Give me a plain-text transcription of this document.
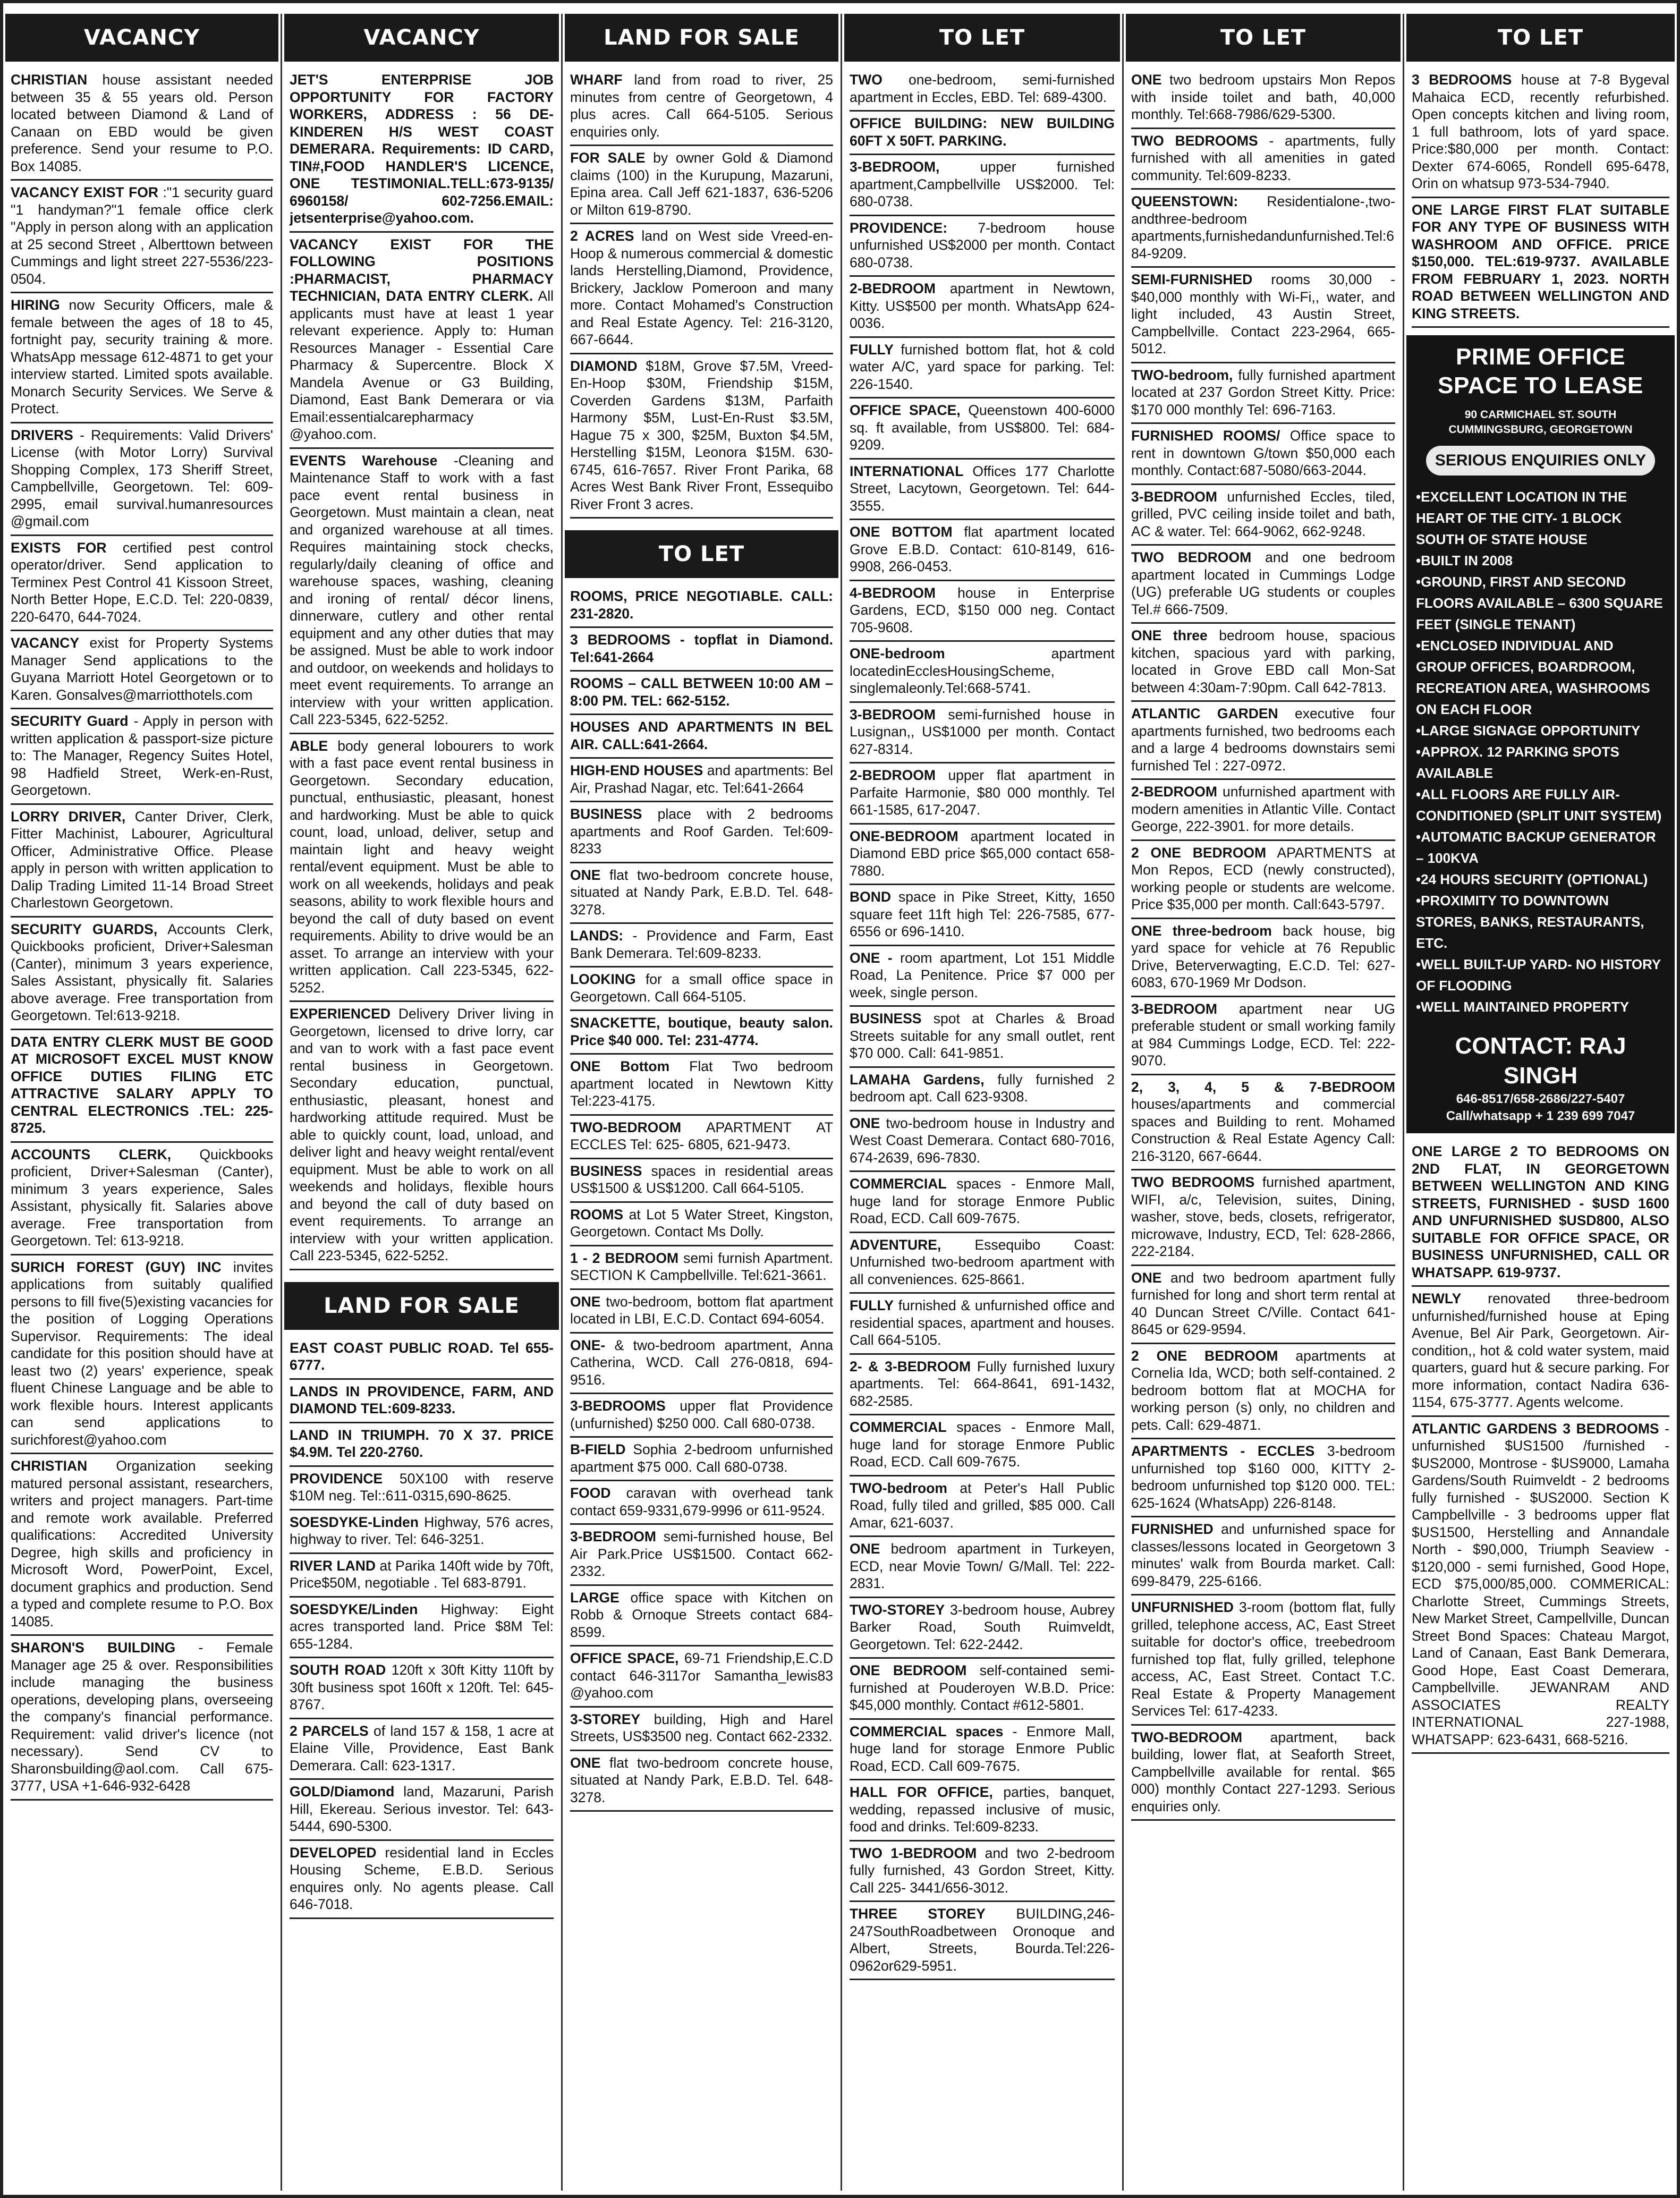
VACANCY
CHRISTIAN house assistant needed between 35 & 55 years old. Person located between Diamond & Land of Canaan on EBD would be given preference. Send your resume to P.O. Box 14085.
VACANCY EXIST FOR :"1 security guard "1 handyman?"1 female office clerk "Apply in person along with an application at 25 second Street , Alberttown between Cummings and light street 227-5536/223-0504.
HIRING now Security Officers, male & female between the ages of 18 to 45, fortnight pay, security training & more. WhatsApp message 612-4871 to get your interview started. Limited spots available. Monarch Security Services. We Serve & Protect.
DRIVERS - Requirements: Valid Drivers' License (with Motor Lorry) Survival Shopping Complex, 173 Sheriff Street, Campbellville, Georgetown. Tel: 609-2995, email survival.humanresources @gmail.com
EXISTS FOR certified pest control operator/driver. Send application to Terminex Pest Control 41 Kissoon Street, North Better Hope, E.C.D. Tel: 220-0839, 220-6470, 644-7024.
VACANCY exist for Property Systems Manager Send applications to the Guyana Marriott Hotel Georgetown or to Karen. Gonsalves@marriotthotels.com
SECURITY Guard - Apply in person with written application & passport-size picture to: The Manager, Regency Suites Hotel, 98 Hadfield Street, Werk-en-Rust, Georgetown.
LORRY DRIVER, Canter Driver, Clerk, Fitter Machinist, Labourer, Agricultural Officer, Administrative Office. Please apply in person with written application to Dalip Trading Limited 11-14 Broad Street Charlestown Georgetown.
SECURITY GUARDS, Accounts Clerk, Quickbooks proficient, Driver+Salesman (Canter), minimum 3 years experience, Sales Assistant, physically fit. Salaries above average. Free transportation from Georgetown. Tel:613-9218.
DATA ENTRY CLERK MUST BE GOOD AT MICROSOFT EXCEL MUST KNOW OFFICE DUTIES FILING ETC ATTRACTIVE SALARY APPLY TO CENTRAL ELECTRONICS .TEL: 225-8725.
ACCOUNTS CLERK, Quickbooks proficient, Driver+Salesman (Canter), minimum 3 years experience, Sales Assistant, physically fit. Salaries above average. Free transportation from Georgetown. Tel: 613-9218.
SURICH FOREST (GUY) INC invites applications from suitably qualified persons to fill five(5)existing vacancies for the position of Logging Operations Supervisor. Requirements: The ideal candidate for this position should have at least two (2) years' experience, speak fluent Chinese Language and be able to work flexible hours. Interest applicants can send applications to surichforest@yahoo.com
CHRISTIAN Organization seeking matured personal assistant, researchers, writers and project managers. Part-time and remote work available. Preferred qualifications: Accredited University Degree, high skills and proficiency in Microsoft Word, PowerPoint, Excel, document graphics and production. Send a typed and complete resume to P.O. Box 14085.
SHARON'S BUILDING - Female Manager age 25 & over. Responsibilities include managing the business operations, developing plans, overseeing the company's financial performance. Requirement: valid driver's licence (not necessary). Send CV to Sharonsbuilding@aol.com. Call 675-3777, USA +1-646-932-6428
VACANCY
JET'S ENTERPRISE JOB OPPORTUNITY FOR FACTORY WORKERS, ADDRESS : 56 DE-KINDEREN H/S WEST COAST DEMERARA. Requirements: ID CARD, TIN#,FOOD HANDLER'S LICENCE, ONE TESTIMONIAL.TELL:673-9135/ 6960158/ 602-7256.EMAIL: jetsenterprise@yahoo.com.
VACANCY EXIST FOR THE FOLLOWING POSITIONS :PHARMACIST, PHARMACY TECHNICIAN, DATA ENTRY CLERK. All applicants must have at least 1 year relevant experience. Apply to: Human Resources Manager - Essential Care Pharmacy & Supercentre. Block X Mandela Avenue or G3 Building, Diamond, East Bank Demerara or via Email:essentialcarepharmacy @yahoo.com.
EVENTS Warehouse -Cleaning and Maintenance Staff to work with a fast pace event rental business in Georgetown. Must maintain a clean, neat and organized warehouse at all times. Requires maintaining stock checks, regularly/daily cleaning of office and warehouse spaces, washing, cleaning and ironing of rental/ décor linens, dinnerware, cutlery and other rental equipment and any other duties that may be assigned. Must be able to work indoor and outdoor, on weekends and holidays to meet event requirements. To arrange an interview with your written application. Call 223-5345, 622-5252.
ABLE body general lobourers to work with a fast pace event rental business in Georgetown. Secondary education, punctual, enthusiastic, pleasant, honest and hardworking. Must be able to quick count, load, unload, deliver, setup and maintain light and heavy weight rental/event equipment. Must be able to work on all weekends, holidays and peak seasons, ability to work flexible hours and beyond the call of duty based on event requirements. Ability to drive would be an asset. To arrange an interview with your written application. Call 223-5345, 622-5252.
EXPERIENCED Delivery Driver living in Georgetown, licensed to drive lorry, car and van to work with a fast pace event rental business in Georgetown. Secondary education, punctual, enthusiastic, pleasant, honest and hardworking attitude required. Must be able to quickly count, load, unload, and deliver light and heavy weight rental/event equipment. Must be able to work on all weekends and holidays, flexible hours and beyond the call of duty based on event requirements. To arrange an interview with your written application. Call 223-5345, 622-5252.
LAND FOR SALE
EAST COAST PUBLIC ROAD. Tel 655-6777.
LANDS IN PROVIDENCE, FARM, AND DIAMOND TEL:609-8233.
LAND IN TRIUMPH. 70 X 37. PRICE $4.9M. Tel 220-2760.
PROVIDENCE 50X100 with reserve $10M neg. Tel::611-0315,690-8625.
SOESDYKE-Linden Highway, 576 acres, highway to river. Tel: 646-3251.
RIVER LAND at Parika 140ft wide by 70ft, Price$50M, negotiable . Tel 683-8791.
SOESDYKE/Linden Highway: Eight acres transported land. Price $8M Tel: 655-1284.
SOUTH ROAD 120ft x 30ft Kitty 110ft by 30ft business spot 160ft x 120ft. Tel: 645-8767.
2 PARCELS of land 157 & 158, 1 acre at Elaine Ville, Providence, East Bank Demerara. Call: 623-1317.
GOLD/Diamond land, Mazaruni, Parish Hill, Ekereau. Serious investor. Tel: 643-5444, 690-5300.
DEVELOPED residential land in Eccles Housing Scheme, E.B.D. Serious enquires only. No agents please. Call 646-7018.
LAND FOR SALE
WHARF land from road to river, 25 minutes from centre of Georgetown, 4 plus acres. Call 664-5105. Serious enquiries only.
FOR SALE by owner Gold & Diamond claims (100) in the Kurupung, Mazaruni, Epina area. Call Jeff 621-1837, 636-5206 or Milton 619-8790.
2 ACRES land on West side Vreed-en-Hoop & numerous commercial & domestic lands Herstelling,Diamond, Providence, Brickery, Jacklow Pomeroon and many more. Contact Mohamed's Construction and Real Estate Agency. Tel: 216-3120, 667-6644.
DIAMOND $18M, Grove $7.5M, Vreed-En-Hoop $30M, Friendship $15M, Coverden Gardens $13M, Parfaith Harmony $5M, Lust-En-Rust $3.5M, Hague 75 x 300, $25M, Buxton $4.5M, Herstelling $15M, Leonora $15M. 630-6745, 616-7657. River Front Parika, 68 Acres West Bank River Front, Essequibo River Front 3 acres.
TO LET
ROOMS, PRICE NEGOTIABLE. CALL: 231-2820.
3 BEDROOMS - topflat in Diamond. Tel:641-2664
ROOMS – CALL BETWEEN 10:00 AM – 8:00 PM. TEL: 662-5152.
HOUSES AND APARTMENTS IN BEL AIR. CALL:641-2664.
HIGH-END HOUSES and apartments: Bel Air, Prashad Nagar, etc. Tel:641-2664
BUSINESS place with 2 bedrooms apartments and Roof Garden. Tel:609-8233
ONE flat two-bedroom concrete house, situated at Nandy Park, E.B.D. Tel. 648-3278.
LANDS: - Providence and Farm, East Bank Demerara. Tel:609-8233.
LOOKING for a small office space in Georgetown. Call 664-5105.
SNACKETTE, boutique, beauty salon. Price $40 000. Tel: 231-4774.
ONE Bottom Flat Two bedroom apartment located in Newtown Kitty Tel:223-4175.
TWO-BEDROOM APARTMENT AT ECCLES Tel: 625- 6805, 621-9473.
BUSINESS spaces in residential areas US$1500 & US$1200. Call 664-5105.
ROOMS at Lot 5 Water Street, Kingston, Georgetown. Contact Ms Dolly.
1 - 2 BEDROOM semi furnish Apartment. SECTION K Campbellville. Tel:621-3661.
ONE two-bedroom, bottom flat apartment located in LBI, E.C.D. Contact 694-6054.
ONE- & two-bedroom apartment, Anna Catherina, WCD. Call 276-0818, 694-9516.
3-BEDROOMS upper flat Providence (unfurnished) $250 000. Call 680-0738.
B-FIELD Sophia 2-bedroom unfurnished apartment $75 000. Call 680-0738.
FOOD caravan with overhead tank contact 659-9331,679-9996 or 611-9524.
3-BEDROOM semi-furnished house, Bel Air Park.Price US$1500. Contact 662-2332.
LARGE office space with Kitchen on Robb & Ornoque Streets contact 684-8599.
OFFICE SPACE, 69-71 Friendship,E.C.D contact 646-3117or Samantha_lewis83 @yahoo.com
3-STOREY building, High and Harel Streets, US$3500 neg. Contact 662-2332.
ONE flat two-bedroom concrete house, situated at Nandy Park, E.B.D. Tel. 648-3278.
TO LET
TWO one-bedroom, semi-furnished apartment in Eccles, EBD. Tel: 689-4300.
OFFICE BUILDING: NEW BUILDING 60FT X 50FT. PARKING.
3-BEDROOM, upper furnished apartment,Campbellville US$2000. Tel: 680-0738.
PROVIDENCE: 7-bedroom house unfurnished US$2000 per month. Contact 680-0738.
2-BEDROOM apartment in Newtown, Kitty. US$500 per month. WhatsApp 624-0036.
FULLY furnished bottom flat, hot & cold water A/C, yard space for parking. Tel: 226-1540.
OFFICE SPACE, Queenstown 400-6000 sq. ft available, from US$800. Tel: 684-9209.
INTERNATIONAL Offices 177 Charlotte Street, Lacytown, Georgetown. Tel: 644-3555.
ONE BOTTOM flat apartment located Grove E.B.D. Contact: 610-8149, 616-9908, 266-0453.
4-BEDROOM house in Enterprise Gardens, ECD, $150 000 neg. Contact 705-9608.
ONE-bedroom apartment locatedinEcclesHousingScheme, singlemaleonly.Tel:668-5741.
3-BEDROOM semi-furnished house in Lusignan,, US$1000 per month. Contact 627-8314.
2-BEDROOM upper flat apartment in Parfaite Harmonie, $80 000 monthly. Tel 661-1585, 617-2047.
ONE-BEDROOM apartment located in Diamond EBD price $65,000 contact 658-7880.
BOND space in Pike Street, Kitty, 1650 square feet 11ft high Tel: 226-7585, 677-6556 or 696-1410.
ONE - room apartment, Lot 151 Middle Road, La Penitence. Price $7 000 per week, single person.
BUSINESS spot at Charles & Broad Streets suitable for any small outlet, rent $70 000. Call: 641-9851.
LAMAHA Gardens, fully furnished 2 bedroom apt. Call 623-9308.
ONE two-bedroom house in Industry and West Coast Demerara. Contact 680-7016, 674-2639, 696-7830.
COMMERCIAL spaces - Enmore Mall, huge land for storage Enmore Public Road, ECD. Call 609-7675.
ADVENTURE, Essequibo Coast: Unfurnished two-bedroom apartment with all conveniences. 625-8661.
FULLY furnished & unfurnished office and residential spaces, apartment and houses. Call 664-5105.
2- & 3-BEDROOM Fully furnished luxury apartments. Tel: 664-8641, 691-1432, 682-2585.
COMMERCIAL spaces - Enmore Mall, huge land for storage Enmore Public Road, ECD. Call 609-7675.
TWO-bedroom at Peter's Hall Public Road, fully tiled and grilled, $85 000. Call Amar, 621-6037.
ONE bedroom apartment in Turkeyen, ECD, near Movie Town/ G/Mall. Tel: 222-2831.
TWO-STOREY 3-bedroom house, Aubrey Barker Road, South Ruimveldt, Georgetown. Tel: 622-2442.
ONE BEDROOM self-contained semi-furnished at Pouderoyen W.B.D. Price: $45,000 monthly. Contact #612-5801.
COMMERCIAL spaces - Enmore Mall, huge land for storage Enmore Public Road, ECD. Call 609-7675.
HALL FOR OFFICE, parties, banquet, wedding, repassed inclusive of music, food and drinks. Tel:609-8233.
TWO 1-BEDROOM and two 2-bedroom fully furnished, 43 Gordon Street, Kitty. Call 225- 3441/656-3012.
THREE STOREY BUILDING,246-247SouthRoadbetween Oronoque and Albert, Streets, Bourda.Tel:226-0962or629-5951.
TO LET
ONE two bedroom upstairs Mon Repos with inside toilet and bath, 40,000 monthly. Tel:668-7986/629-5300.
TWO BEDROOMS - apartments, fully furnished with all amenities in gated community. Tel:609-8233.
QUEENSTOWN: Residentialone-,two-andthree-bedroom apartments,furnishedandunfurnished.Tel:684-9209.
SEMI-FURNISHED rooms 30,000 - $40,000 monthly with Wi-Fi,, water, and light included, 43 Austin Street, Campbellville. Contact 223-2964, 665-5012.
TWO-bedroom, fully furnished apartment located at 237 Gordon Street Kitty. Price: $170 000 monthly Tel: 696-7163.
FURNISHED ROOMS/ Office space to rent in downtown G/town $50,000 each monthly. Contact:687-5080/663-2044.
3-BEDROOM unfurnished Eccles, tiled, grilled, PVC ceiling inside toilet and bath, AC & water. Tel: 664-9062, 662-9248.
TWO BEDROOM and one bedroom apartment located in Cummings Lodge (UG) preferable UG students or couples Tel.# 666-7509.
ONE three bedroom house, spacious kitchen, spacious yard with parking, located in Grove EBD call Mon-Sat between 4:30am-7:90pm. Call 642-7813.
ATLANTIC GARDEN executive four apartments furnished, two bedrooms each and a large 4 bedrooms downstairs semi furnished Tel : 227-0972.
2-BEDROOM unfurnished apartment with modern amenities in Atlantic Ville. Contact George, 222-3901. for more details.
2 ONE BEDROOM APARTMENTS at Mon Repos, ECD (newly constructed), working people or students are welcome. Price $35,000 per month. Call:643-5797.
ONE three-bedroom back house, big yard space for vehicle at 76 Republic Drive, Beterverwagting, E.C.D. Tel: 627-6083, 670-1969 Mr Dodson.
3-BEDROOM apartment near UG preferable student or small working family at 984 Cummings Lodge, ECD. Tel: 222-9070.
2, 3, 4, 5 & 7-BEDROOM houses/apartments and commercial spaces and Building to rent. Mohamed Construction & Real Estate Agency Call: 216-3120, 667-6644.
TWO BEDROOMS furnished apartment, WIFI, a/c, Television, suites, Dining, washer, stove, beds, closets, refrigerator, microwave, Industry, ECD, Tel: 628-2866, 222-2184.
ONE and two bedroom apartment fully furnished for long and short term rental at 40 Duncan Street C/Ville. Contact 641-8645 or 629-9594.
2 ONE BEDROOM apartments at Cornelia Ida, WCD; both self-contained. 2 bedroom bottom flat at MOCHA for working person (s) only, no children and pets. Call: 629-4871.
APARTMENTS - ECCLES 3-bedroom unfurnished top $160 000, KITTY 2-bedroom unfurnished top $120 000. TEL: 625-1624 (WhatsApp) 226-8148.
FURNISHED and unfurnished space for classes/lessons located in Georgetown 3 minutes' walk from Bourda market. Call: 699-8479, 225-6166.
UNFURNISHED 3-room (bottom flat, fully grilled, telephone access, AC, East Street suitable for doctor's office, treebedroom furnished top flat, fully grilled, telephone access, AC, East Street. Contact T.C. Real Estate & Property Management Services Tel: 617-4233.
TWO-BEDROOM apartment, back building, lower flat, at Seaforth Street, Campbellville available for rental. $65 000) monthly Contact 227-1293. Serious enquiries only.
TO LET
3 BEDROOMS house at 7-8 Bygeval Mahaica ECD, recently refurbished. Open concepts kitchen and living room, 1 full bathroom, lots of yard space. Price:$80,000 per month. Contact: Dexter 674-6065, Rondell 695-6478, Orin on whatsup 973-534-7940.
ONE LARGE FIRST FLAT SUITABLE FOR ANY TYPE OF BUSINESS WITH WASHROOM AND OFFICE. PRICE $150,000. TEL:619-9737. AVAILABLE FROM FEBRUARY 1, 2023. NORTH ROAD BETWEEN WELLINGTON AND KING STREETS.
PRIME OFFICE SPACE TO LEASE
90 CARMICHAEL ST. SOUTH CUMMINGSBURG, GEORGETOWN
SERIOUS ENQUIRIES ONLY
•EXCELLENT LOCATION IN THE HEART OF THE CITY- 1 BLOCK SOUTH OF STATE HOUSE
•BUILT IN 2008
•GROUND, FIRST AND SECOND FLOORS AVAILABLE – 6300 SQUARE FEET (SINGLE TENANT)
•ENCLOSED INDIVIDUAL AND GROUP OFFICES, BOARDROOM, RECREATION AREA, WASHROOMS ON EACH FLOOR
•LARGE SIGNAGE OPPORTUNITY
•APPROX. 12 PARKING SPOTS AVAILABLE
•ALL FLOORS ARE FULLY AIR-CONDITIONED (SPLIT UNIT SYSTEM)
•AUTOMATIC BACKUP GENERATOR – 100KVA
•24 HOURS SECURITY (OPTIONAL)
•PROXIMITY TO DOWNTOWN STORES, BANKS, RESTAURANTS, ETC.
•WELL BUILT-UP YARD- NO HISTORY OF FLOODING
•WELL MAINTAINED PROPERTY
CONTACT: RAJ SINGH
646-8517/658-2686/227-5407
Call/whatsapp + 1 239 699 7047
ONE LARGE 2 TO BEDROOMS ON 2ND FLAT, IN GEORGETOWN BETWEEN WELLINGTON AND KING STREETS, FURNISHED - $USD 1600 AND UNFURNISHED $USD800, ALSO SUITABLE FOR OFFICE SPACE, OR BUSINESS UNFURNISHED, CALL OR WHATSAPP. 619-9737.
NEWLY renovated three-bedroom unfurnished/furnished house at Eping Avenue, Bel Air Park, Georgetown. Air-condition,, hot & cold water system, maid quarters, guard hut & secure parking. For more information, contact Nadira 636-1154, 675-3777. Agents welcome.
ATLANTIC GARDENS 3 BEDROOMS - unfurnished $US1500 /furnished - $US2000, Montrose - $US9000, Lamaha Gardens/South Ruimveldt - 2 bedrooms fully furnished - $US2000. Section K Campbellville - 3 bedrooms upper flat $US1500, Herstelling and Annandale North - $90,000, Triumph Seaview - $120,000 - semi furnished, Good Hope, ECD $75,000/85,000. COMMERICAL: Charlotte Street, Cummings Streets, New Market Street, Campellville, Duncan Street Bond Spaces: Chateau Margot, Land of Canaan, East Bank Demerara, Good Hope, East Coast Demerara, Campbellville. JEWANRAM AND ASSOCIATES REALTY INTERNATIONAL 227-1988, WHATSAPP: 623-6431, 668-5216.
